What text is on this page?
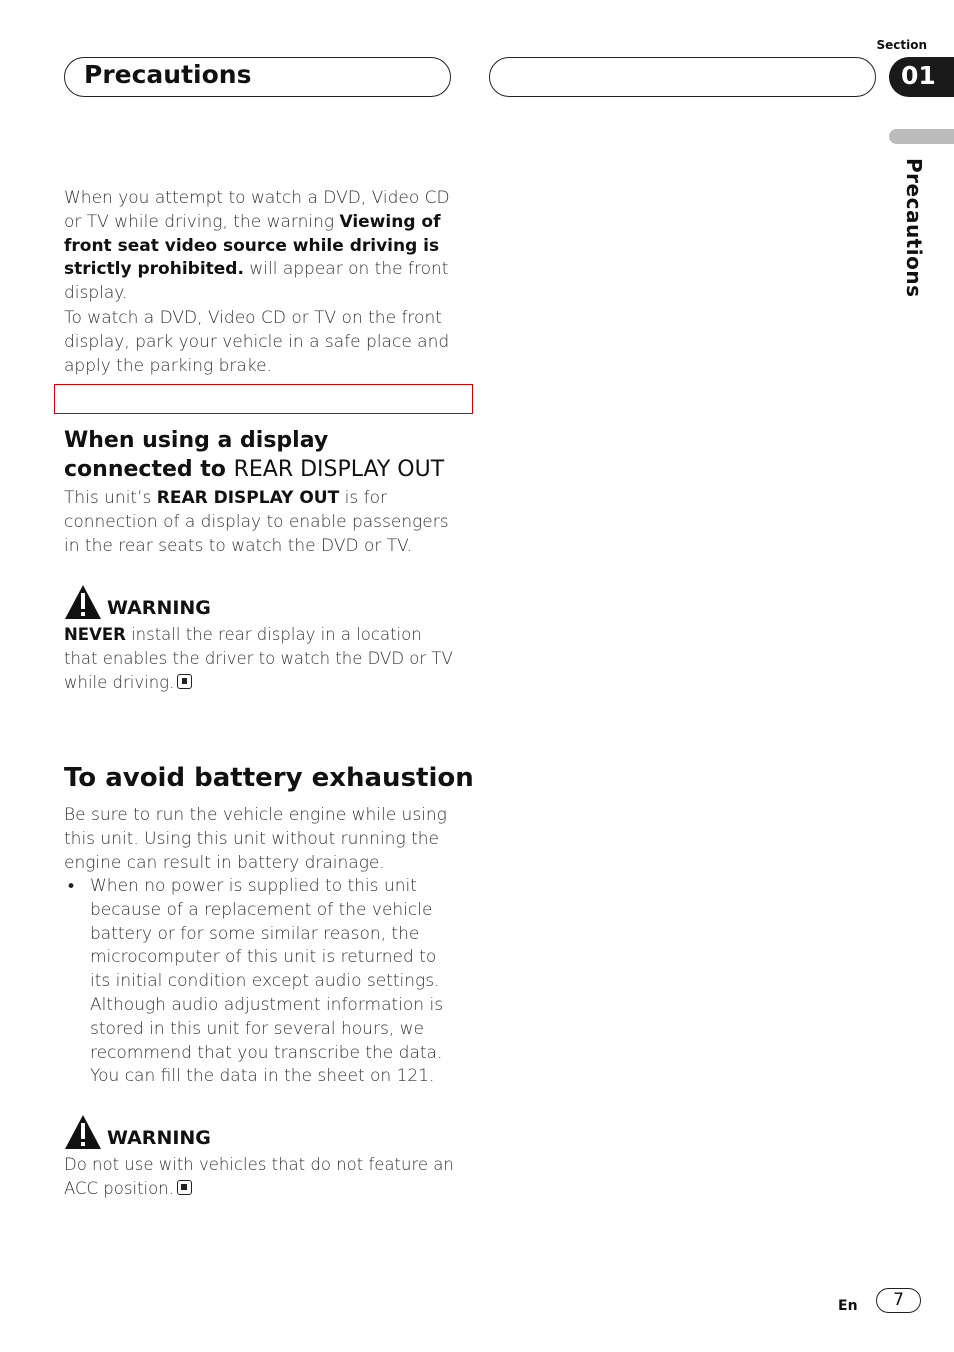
Precautions
Section
01
Precautions
When you attempt to watch a DVD, Video CD or TV while driving, the warning Viewing of front seat video source while driving is strictly prohibited. will appear on the front display.
To watch a DVD, Video CD or TV on the front display, park your vehicle in a safe place and apply the parking brake.
When using a display connected to REAR DISPLAY OUT
This unit’s REAR DISPLAY OUT is for connection of a display to enable passengers in the rear seats to watch the DVD or TV.
WARNING
NEVER install the rear display in a location that enables the driver to watch the DVD or TV while driving.
To avoid battery exhaustion
Be sure to run the vehicle engine while using this unit. Using this unit without running the engine can result in battery drainage.
• When no power is supplied to this unit because of a replacement of the vehicle battery or for some similar reason, the microcomputer of this unit is returned to its initial condition except audio settings. Although audio adjustment information is stored in this unit for several hours, we recommend that you transcribe the data. You can fill the data in the sheet on 121.
WARNING
Do not use with vehicles that do not feature an ACC position.
En	7
